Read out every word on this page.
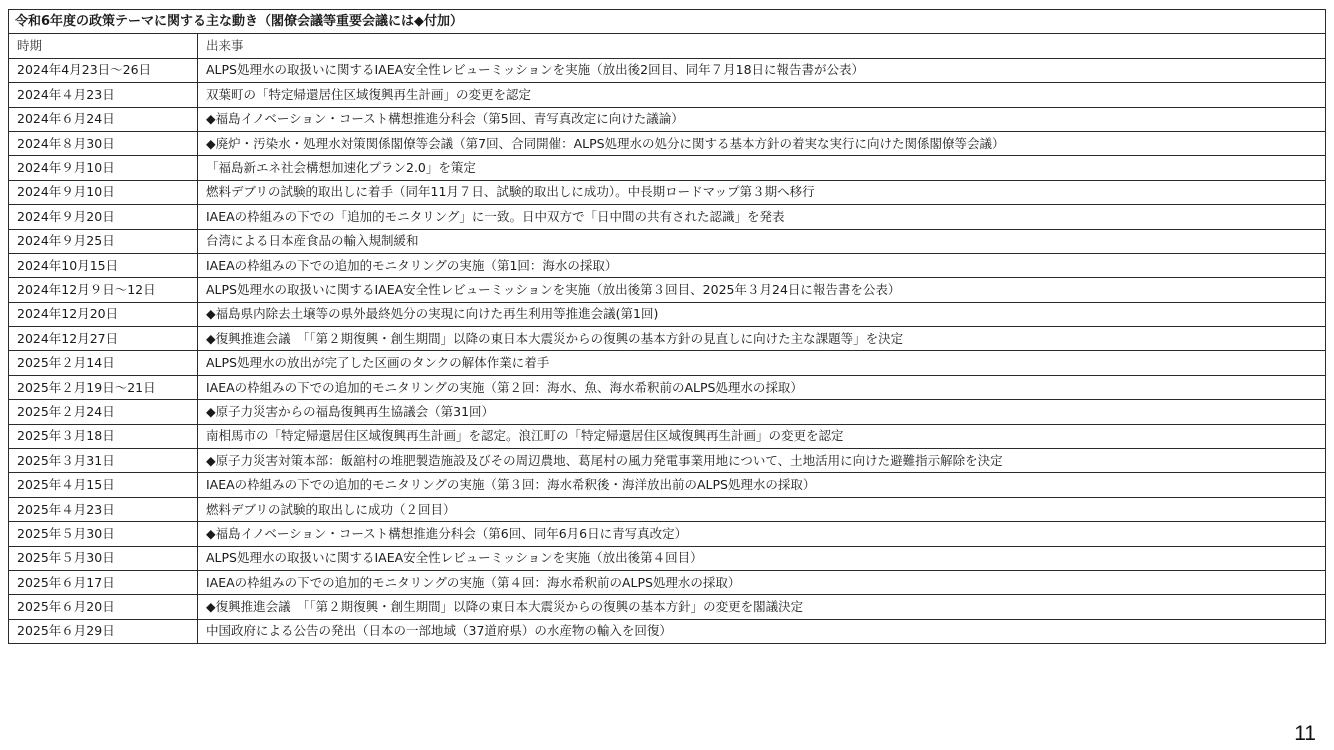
令和6年度の政策テーマに関する主な動き（閣僚会議等重要会議には◆付加）	
時期	出来事
2024年4月23日～26日	ALPS処理水の取扱いに関するIAEA安全性レビューミッションを実施（放出後2回目、同年７月18日に報告書が公表）
2024年４月23日	双葉町の「特定帰還居住区域復興再生計画」の変更を認定
2024年６月24日	◆福島イノベーション・コースト構想推進分科会（第5回、青写真改定に向けた議論）
2024年８月30日	◆廃炉・汚染水・処理水対策関係閣僚等会議（第7回、合同開催：ALPS処理水の処分に関する基本方針の着実な実行に向けた関係閣僚等会議）
2024年９月10日	「福島新エネ社会構想加速化プラン2.0」を策定
2024年９月10日	燃料デブリの試験的取出しに着手（同年11月７日、試験的取出しに成功）。中長期ロードマップ第３期へ移行
2024年９月20日	IAEAの枠組みの下での「追加的モニタリング」に一致。日中双方で「日中間の共有された認識」を発表
2024年９月25日	台湾による日本産食品の輸入規制緩和
2024年10月15日	IAEAの枠組みの下での追加的モニタリングの実施（第1回：海水の採取）
2024年12月９日～12日	ALPS処理水の取扱いに関するIAEA安全性レビューミッションを実施（放出後第３回目、2025年３月24日に報告書を公表）
2024年12月20日	◆福島県内除去土壌等の県外最終処分の実現に向けた再生利用等推進会議(第1回)
2024年12月27日	◆復興推進会議　「「第２期復興・創生期間」以降の東日本大震災からの復興の基本方針の見直しに向けた主な課題等」を決定
2025年２月14日	ALPS処理水の放出が完了した区画のタンクの解体作業に着手
2025年２月19日～21日	IAEAの枠組みの下での追加的モニタリングの実施（第２回：海水、魚、海水希釈前のALPS処理水の採取）
2025年２月24日	◆原子力災害からの福島復興再生協議会（第31回）
2025年３月18日	南相馬市の「特定帰還居住区域復興再生計画」を認定。浪江町の「特定帰還居住区域復興再生計画」の変更を認定
2025年３月31日	◆原子力災害対策本部：飯舘村の堆肥製造施設及びその周辺農地、葛尾村の風力発電事業用地について、土地活用に向けた避難指示解除を決定
2025年４月15日	IAEAの枠組みの下での追加的モニタリングの実施（第３回：海水希釈後・海洋放出前のALPS処理水の採取）
2025年４月23日	燃料デブリの試験的取出しに成功（２回目）
2025年５月30日	◆福島イノベーション・コースト構想推進分科会（第6回、同年6月6日に青写真改定）
2025年５月30日	ALPS処理水の取扱いに関するIAEA安全性レビューミッションを実施（放出後第４回目）
2025年６月17日	IAEAの枠組みの下での追加的モニタリングの実施（第４回：海水希釈前のALPS処理水の採取）
2025年６月20日	◆復興推進会議　「「第２期復興・創生期間」以降の東日本大震災からの復興の基本方針」の変更を閣議決定
2025年６月29日	中国政府による公告の発出（日本の一部地域（37道府県）の水産物の輸入を回復）
11
